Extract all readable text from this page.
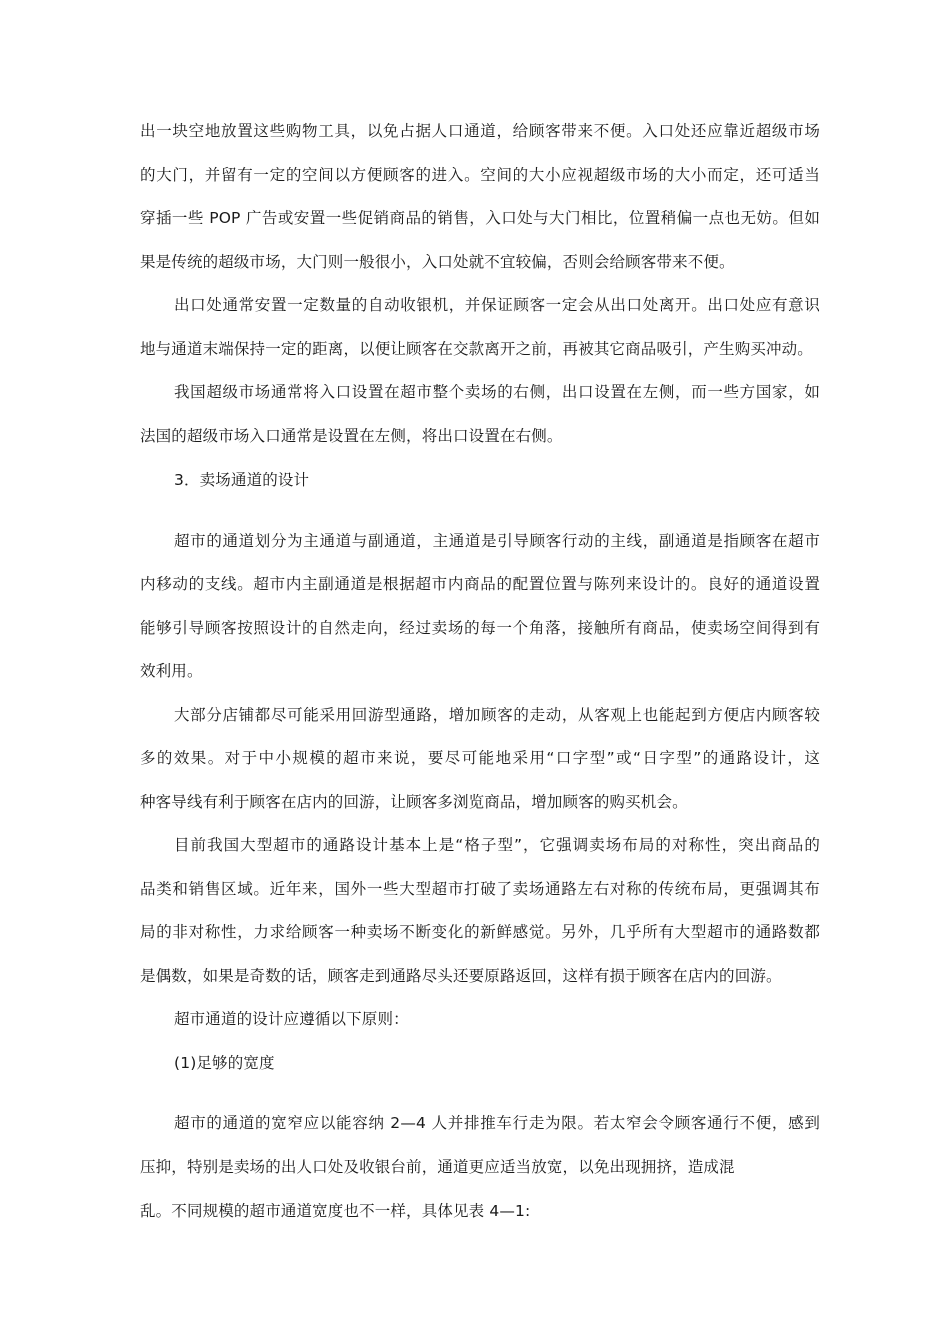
出一块空地放置这些购物工具，以免占据人口通道，给顾客带来不便。入口处还应靠近超级市场
的大门，并留有一定的空间以方便顾客的进入。空间的大小应视超级市场的大小而定，还可适当
穿插一些 POP 广告或安置一些促销商品的销售，入口处与大门相比，位置稍偏一点也无妨。但如
果是传统的超级市场，大门则一般很小，入口处就不宜较偏，否则会给顾客带来不便。
出口处通常安置一定数量的自动收银机，并保证顾客一定会从出口处离开。出口处应有意识
地与通道末端保持一定的距离，以便让顾客在交款离开之前，再被其它商品吸引，产生购买冲动。
我国超级市场通常将入口设置在超市整个卖场的右侧，出口设置在左侧，而一些方国家，如
法国的超级市场入口通常是设置在左侧，将出口设置在右侧。
3．卖场通道的设计
超市的通道划分为主通道与副通道，主通道是引导顾客行动的主线，副通道是指顾客在超市
内移动的支线。超市内主副通道是根据超市内商品的配置位置与陈列来设计的。良好的通道设置
能够引导顾客按照设计的自然走向，经过卖场的每一个角落，接触所有商品，使卖场空间得到有
效利用。
大部分店铺都尽可能采用回游型通路，增加顾客的走动，从客观上也能起到方便店内顾客较
多的效果。对于中小规模的超市来说，要尽可能地采用“口字型”或“日字型”的通路设计，这
种客导线有利于顾客在店内的回游，让顾客多浏览商品，增加顾客的购买机会。
目前我国大型超市的通路设计基本上是“格子型”，它强调卖场布局的对称性，突出商品的
品类和销售区域。近年来，国外一些大型超市打破了卖场通路左右对称的传统布局，更强调其布
局的非对称性，力求给顾客一种卖场不断变化的新鲜感觉。另外，几乎所有大型超市的通路数都
是偶数，如果是奇数的话，顾客走到通路尽头还要原路返回，这样有损于顾客在店内的回游。
超市通道的设计应遵循以下原则：
(1)足够的宽度
超市的通道的宽窄应以能容纳 2—4 人并排推车行走为限。若太窄会令顾客通行不便，感到
压抑，特别是卖场的出人口处及收银台前，通道更应适当放宽，以免出现拥挤，造成混
乱。不同规模的超市通道宽度也不一样，具体见表 4—1:
